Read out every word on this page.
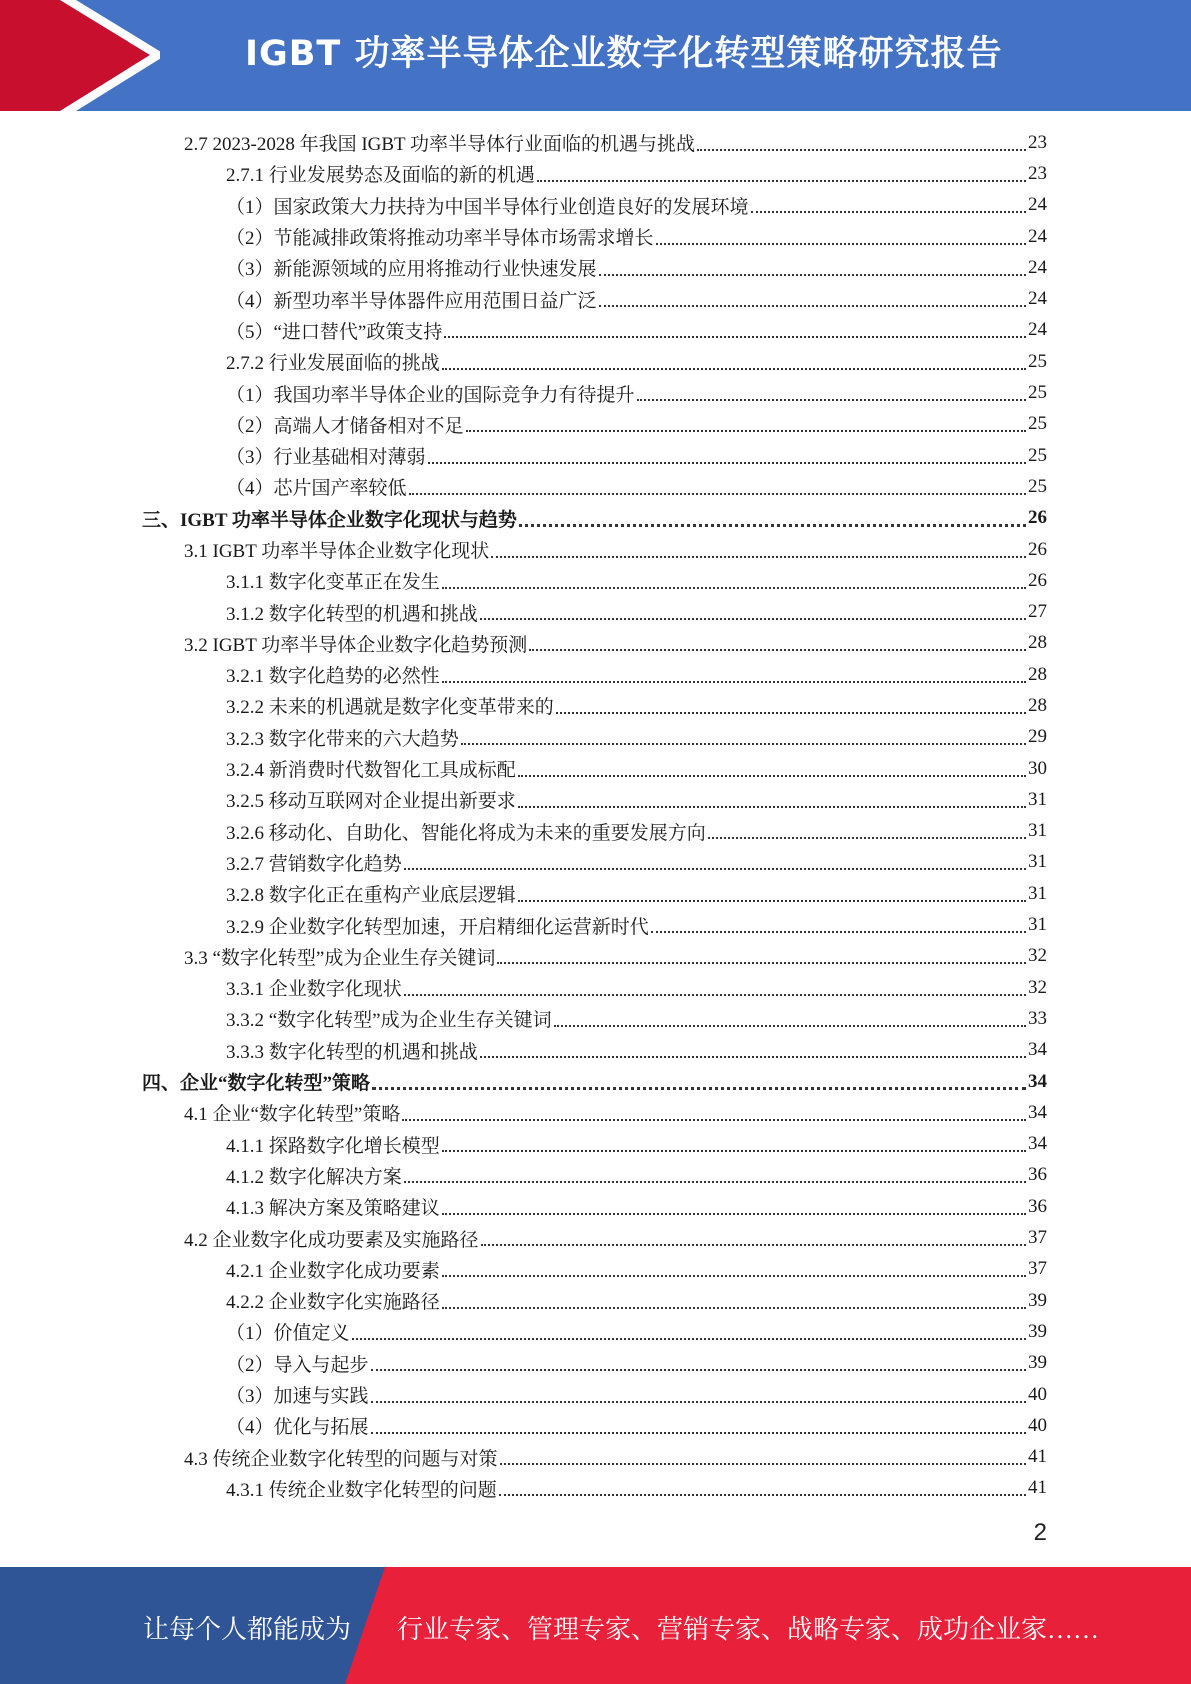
IGBT 功率半导体企业数字化转型策略研究报告
2.7 2023-2028 年我国 IGBT 功率半导体行业面临的机遇与挑战	23
2.7.1 行业发展势态及面临的新的机遇	23
（1）国家政策大力扶持为中国半导体行业创造良好的发展环境	24
（2）节能减排政策将推动功率半导体市场需求增长	24
（3）新能源领域的应用将推动行业快速发展	24
（4）新型功率半导体器件应用范围日益广泛	24
（5）“进口替代”政策支持	24
2.7.2 行业发展面临的挑战	25
（1）我国功率半导体企业的国际竞争力有待提升	25
（2）高端人才储备相对不足	25
（3）行业基础相对薄弱	25
（4）芯片国产率较低	25
三、IGBT 功率半导体企业数字化现状与趋势	26
3.1 IGBT 功率半导体企业数字化现状	26
3.1.1 数字化变革正在发生	26
3.1.2 数字化转型的机遇和挑战	27
3.2 IGBT 功率半导体企业数字化趋势预测	28
3.2.1 数字化趋势的必然性	28
3.2.2 未来的机遇就是数字化变革带来的	28
3.2.3 数字化带来的六大趋势	29
3.2.4 新消费时代数智化工具成标配	30
3.2.5 移动互联网对企业提出新要求	31
3.2.6 移动化、自助化、智能化将成为未来的重要发展方向	31
3.2.7 营销数字化趋势	31
3.2.8 数字化正在重构产业底层逻辑	31
3.2.9 企业数字化转型加速，开启精细化运营新时代	31
3.3 “数字化转型”成为企业生存关键词	32
3.3.1 企业数字化现状	32
3.3.2 “数字化转型”成为企业生存关键词	33
3.3.3 数字化转型的机遇和挑战	34
四、企业“数字化转型”策略	34
4.1 企业“数字化转型”策略	34
4.1.1 探路数字化增长模型	34
4.1.2 数字化解决方案	36
4.1.3 解决方案及策略建议	36
4.2 企业数字化成功要素及实施路径	37
4.2.1 企业数字化成功要素	37
4.2.2 企业数字化实施路径	39
（1）价值定义	39
（2）导入与起步	39
（3）加速与实践	40
（4）优化与拓展	40
4.3 传统企业数字化转型的问题与对策	41
4.3.1 传统企业数字化转型的问题	41
2
让每个人都能成为 行业专家、管理专家、营销专家、战略专家、成功企业家……
